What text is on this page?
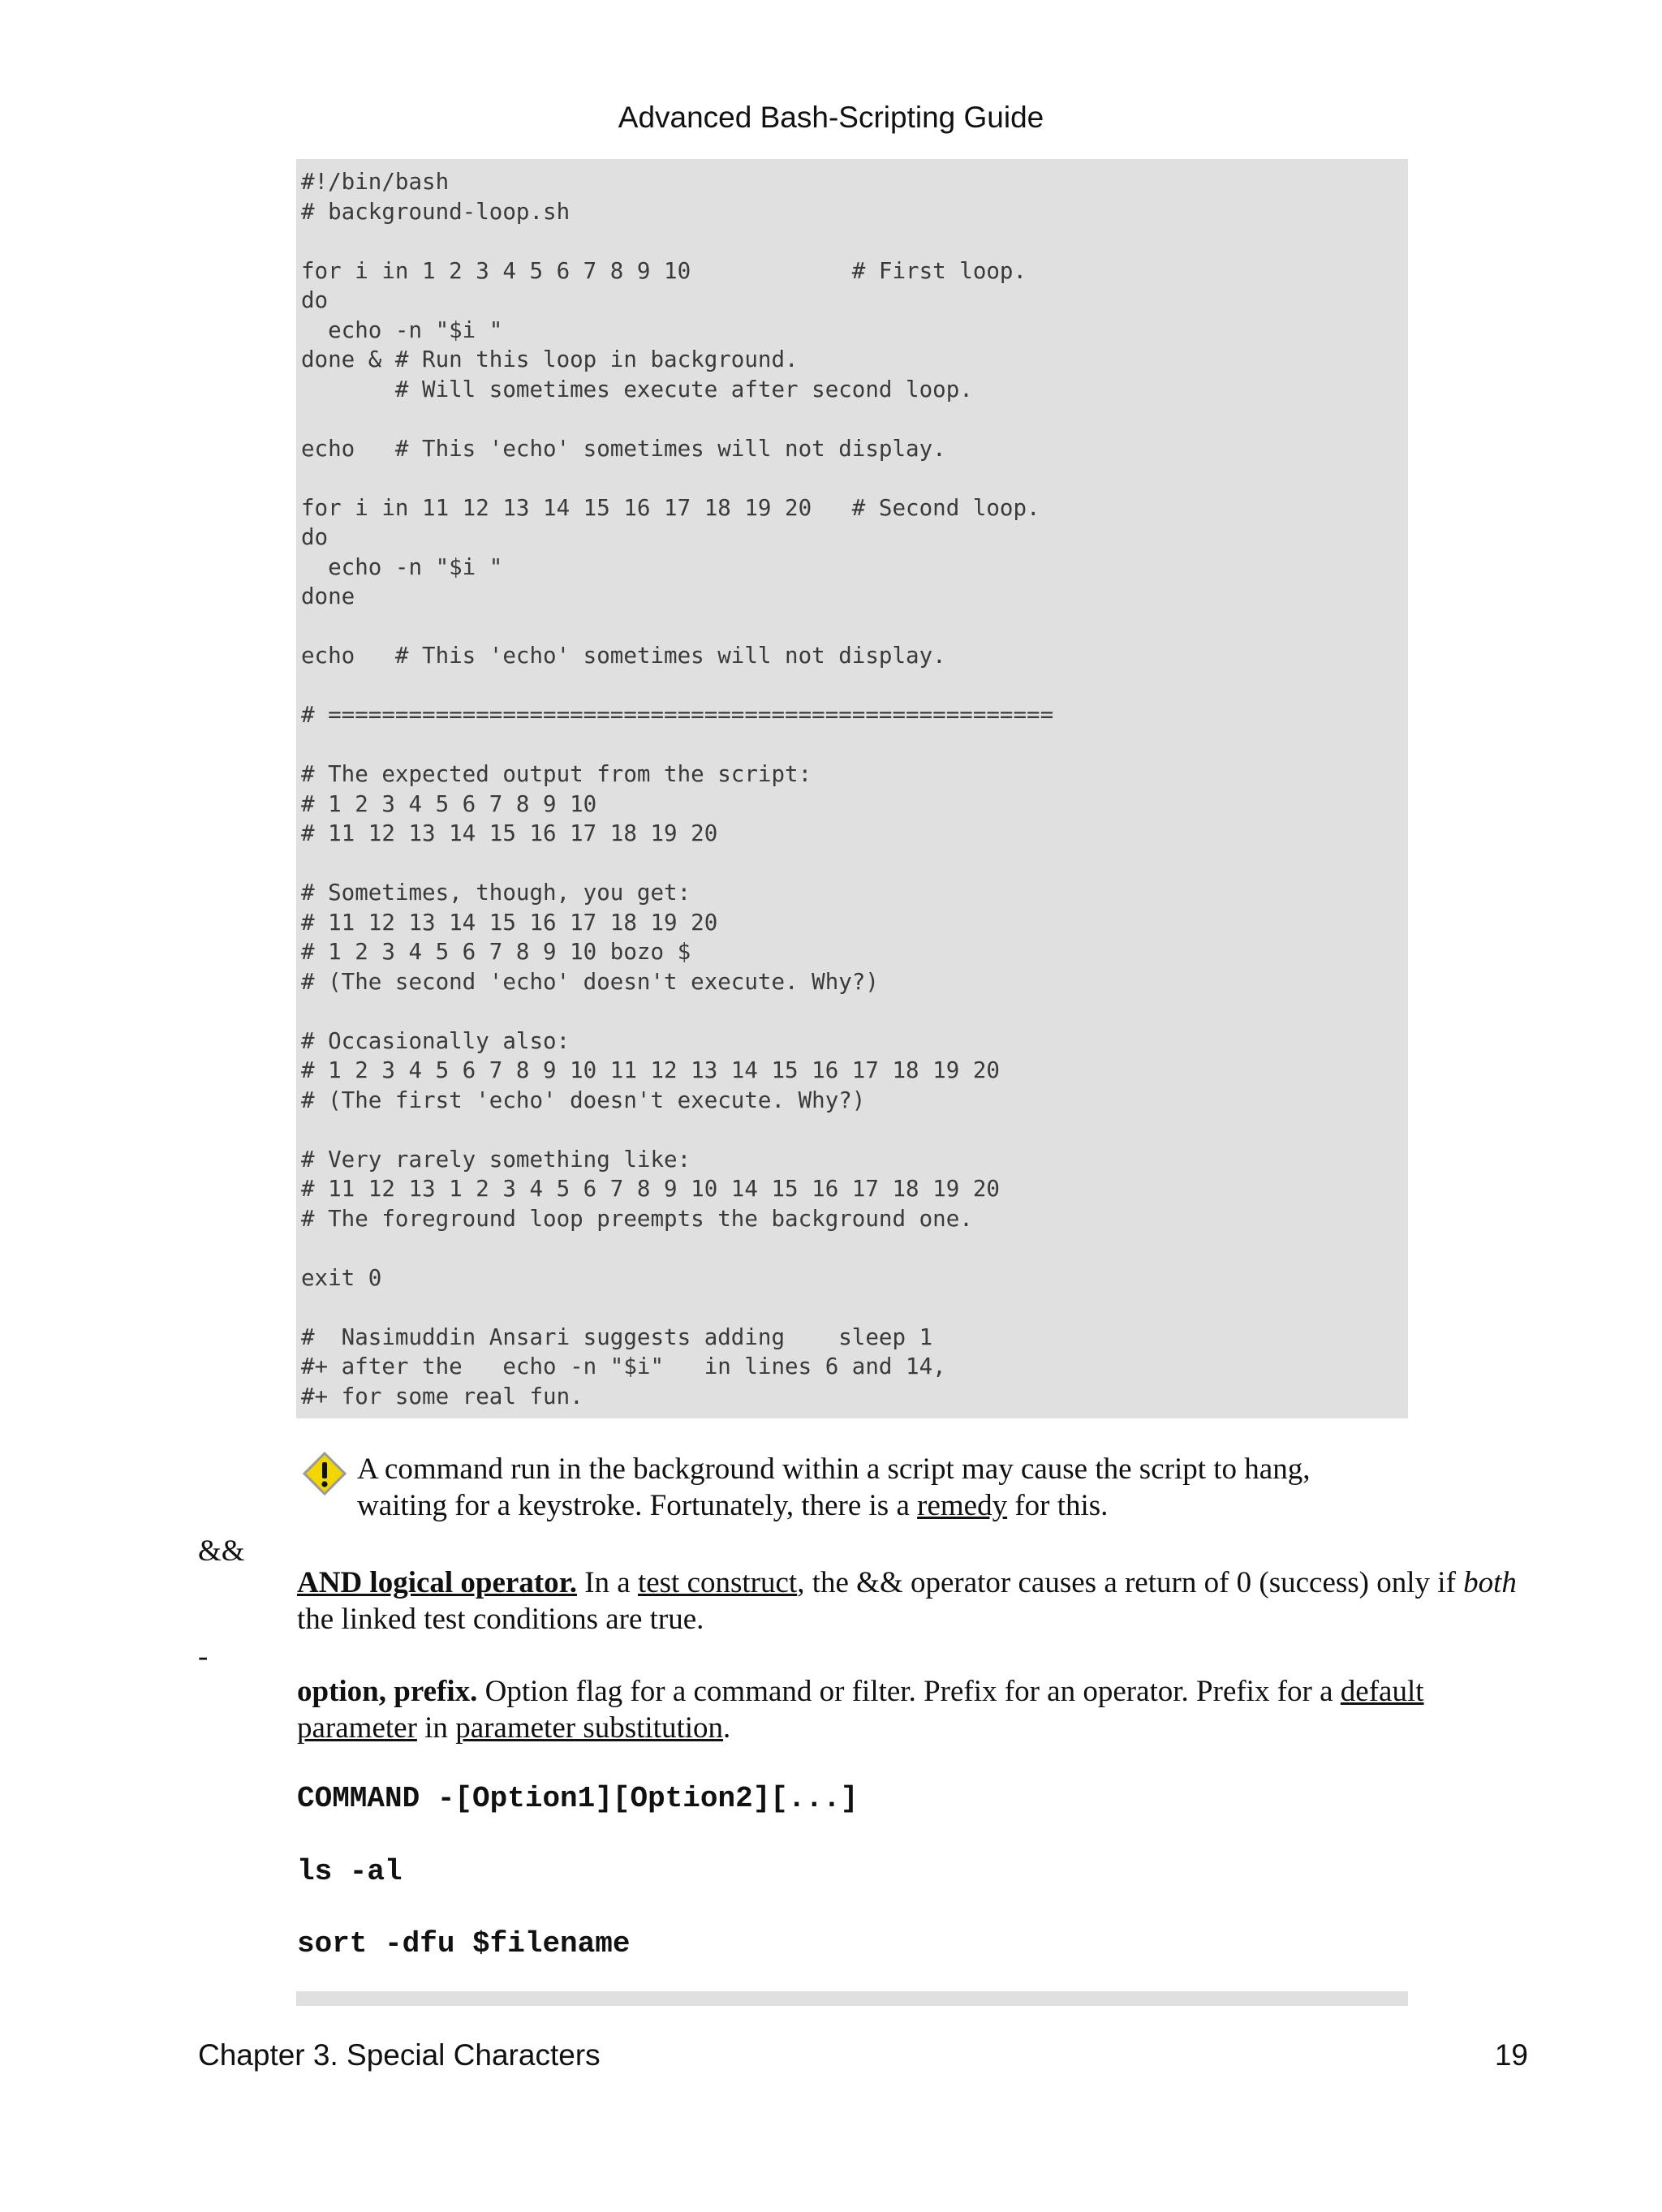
Advanced Bash-Scripting Guide
#!/bin/bash
# background-loop.sh
for i in 1 2 3 4 5 6 7 8 9 10            # First loop.
do
echo -n "$i "
done & # Run this loop in background.
# Will sometimes execute after second loop.
echo   # This 'echo' sometimes will not display.
for i in 11 12 13 14 15 16 17 18 19 20   # Second loop.
do
echo -n "$i "
done
echo   # This 'echo' sometimes will not display.
# ======================================================
# The expected output from the script:
# 1 2 3 4 5 6 7 8 9 10
# 11 12 13 14 15 16 17 18 19 20
# Sometimes, though, you get:
# 11 12 13 14 15 16 17 18 19 20
# 1 2 3 4 5 6 7 8 9 10 bozo $
# (The second 'echo' doesn't execute. Why?)
# Occasionally also:
# 1 2 3 4 5 6 7 8 9 10 11 12 13 14 15 16 17 18 19 20
# (The first 'echo' doesn't execute. Why?)
# Very rarely something like:
# 11 12 13 1 2 3 4 5 6 7 8 9 10 14 15 16 17 18 19 20
# The foreground loop preempts the background one.
exit 0
#  Nasimuddin Ansari suggests adding    sleep 1
#+ after the   echo -n "$i"   in lines 6 and 14,
#+ for some real fun.

A command run in the background within a script may cause the script to hang,

waiting for a keystroke. Fortunately, there is a remedy for this.

&&

AND logical operator. In a test construct, the && operator causes a return of 0 (success) only if both

the linked test conditions are true.

-

option, prefix. Option flag for a command or filter. Prefix for an operator. Prefix for a default

parameter in parameter substitution.

COMMAND -[Option1][Option2][...]
ls -al
sort -dfu $filename
Chapter 3. Special Characters	19
